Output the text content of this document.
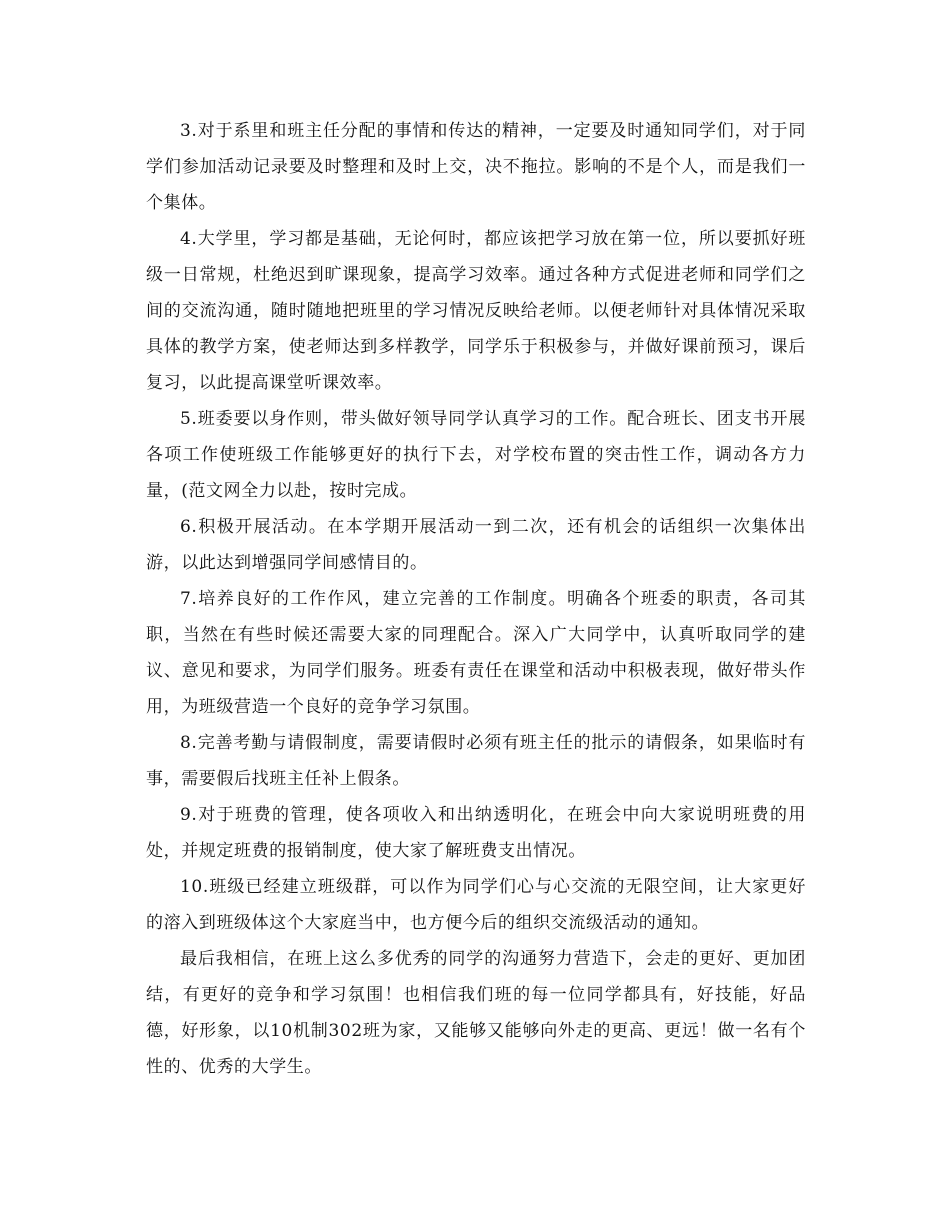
3.对于系里和班主任分配的事情和传达的精神，一定要及时通知同学们，对于同学们参加活动记录要及时整理和及时上交，决不拖拉。影响的不是个人，而是我们一个集体。

4.大学里，学习都是基础，无论何时，都应该把学习放在第一位，所以要抓好班级一日常规，杜绝迟到旷课现象，提高学习效率。通过各种方式促进老师和同学们之间的交流沟通，随时随地把班里的学习情况反映给老师。以便老师针对具体情况采取具体的教学方案，使老师达到多样教学，同学乐于积极参与，并做好课前预习，课后复习，以此提高课堂听课效率。

5.班委要以身作则，带头做好领导同学认真学习的工作。配合班长、团支书开展各项工作使班级工作能够更好的执行下去，对学校布置的突击性工作，调动各方力量，(范文网全力以赴，按时完成。

6.积极开展活动。在本学期开展活动一到二次，还有机会的话组织一次集体出游，以此达到增强同学间感情目的。

7.培养良好的工作作风，建立完善的工作制度。明确各个班委的职责，各司其职，当然在有些时候还需要大家的同理配合。深入广大同学中，认真听取同学的建议、意见和要求，为同学们服务。班委有责任在课堂和活动中积极表现，做好带头作用，为班级营造一个良好的竞争学习氛围。

8.完善考勤与请假制度，需要请假时必须有班主任的批示的请假条，如果临时有事，需要假后找班主任补上假条。

9.对于班费的管理，使各项收入和出纳透明化，在班会中向大家说明班费的用处，并规定班费的报销制度，使大家了解班费支出情况。

10.班级已经建立班级群，可以作为同学们心与心交流的无限空间，让大家更好的溶入到班级体这个大家庭当中，也方便今后的组织交流级活动的通知。

最后我相信，在班上这么多优秀的同学的沟通努力营造下，会走的更好、更加团结，有更好的竞争和学习氛围！也相信我们班的每一位同学都具有，好技能，好品德，好形象，以10机制302班为家，又能够又能够向外走的更高、更远！做一名有个性的、优秀的大学生。
